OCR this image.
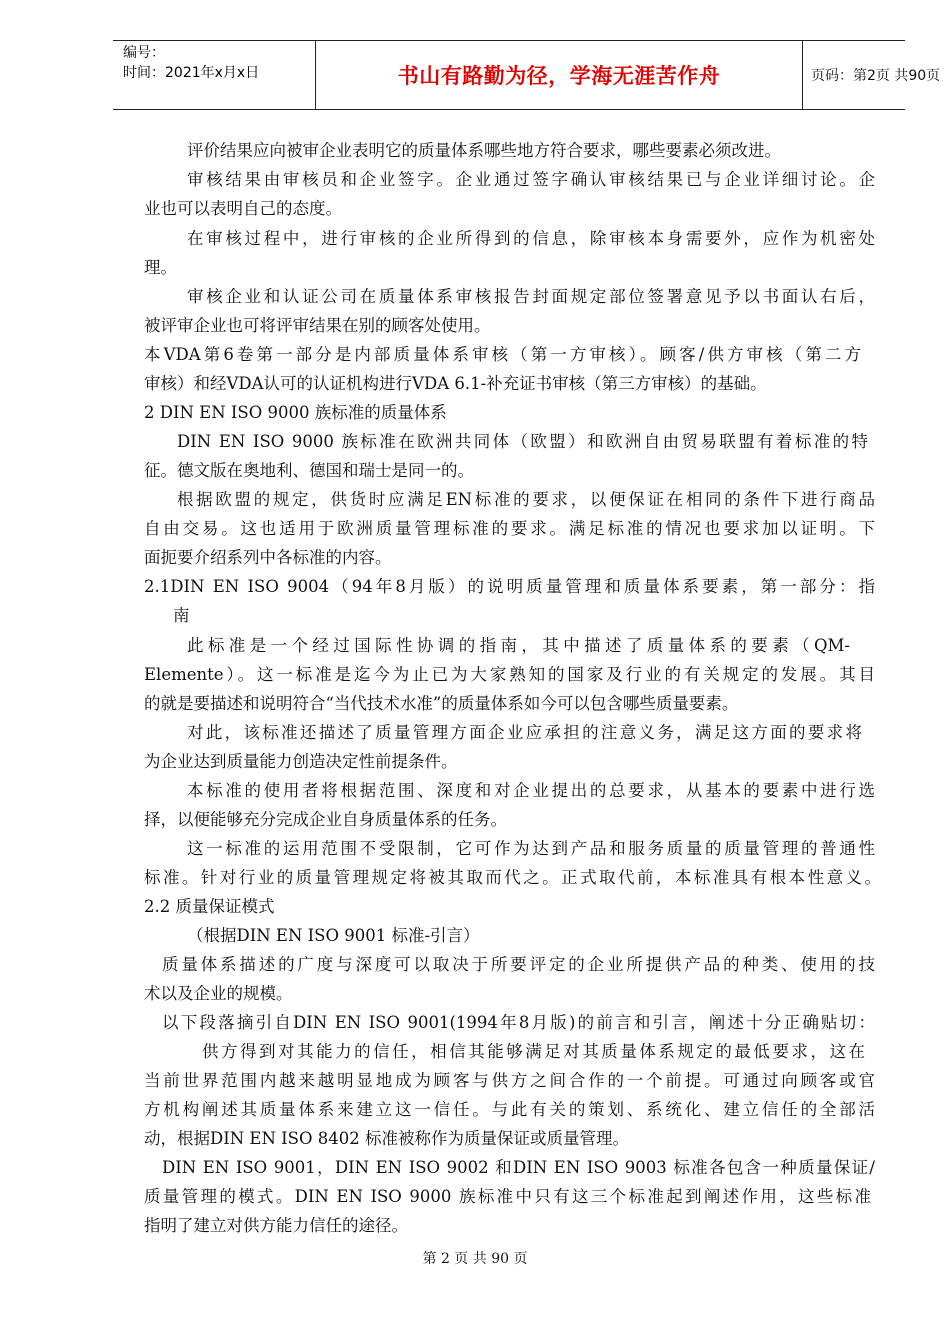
编号：
时间：2021年x月x日	书山有路勤为径，学海无涯苦作舟	页码：第2页 共90页
评价结果应向被审企业表明它的质量体系哪些地方符合要求，哪些要素必须改进。
审核结果由审核员和企业签字。企业通过签字确认审核结果已与企业详细讨论。企
业也可以表明自己的态度。
在审核过程中，进行审核的企业所得到的信息，除审核本身需要外，应作为机密处
理。
审核企业和认证公司在质量体系审核报告封面规定部位签署意见予以书面认右后，
被评审企业也可将评审结果在别的顾客处使用。
本VDA第6卷第一部分是内部质量体系审核（第一方审核）。顾客/供方审核（第二方
审核）和经VDA认可的认证机构进行VDA 6.1-补充证书审核（第三方审核）的基础。
2 DIN EN ISO 9000 族标准的质量体系
DIN EN ISO 9000 族标准在欧洲共同体（欧盟）和欧洲自由贸易联盟有着标准的特
征。德文版在奥地利、德国和瑞士是同一的。
根据欧盟的规定，供货时应满足EN标准的要求，以便保证在相同的条件下进行商品
自由交易。这也适用于欧洲质量管理标准的要求。满足标准的情况也要求加以证明。下
面扼要介绍系列中各标准的内容。
2.1DIN EN ISO 9004（94年8月版）的说明质量管理和质量体系要素，第一部分：指
南
此标准是一个经过国际性协调的指南，其中描述了质量体系的要素（QM-
Elemente）。这一标准是迄今为止已为大家熟知的国家及行业的有关规定的发展。其目
的就是要描述和说明符合“当代技术水准”的质量体系如今可以包含哪些质量要素。
对此，该标准还描述了质量管理方面企业应承担的注意义务，满足这方面的要求将
为企业达到质量能力创造决定性前提条件。
本标准的使用者将根据范围、深度和对企业提出的总要求，从基本的要素中进行选
择，以便能够充分完成企业自身质量体系的任务。
这一标准的运用范围不受限制，它可作为达到产品和服务质量的质量管理的普通性
标准。针对行业的质量管理规定将被其取而代之。正式取代前，本标准具有根本性意义。
2.2 质量保证模式
（根据DIN EN ISO 9001 标准-引言）
质量体系描述的广度与深度可以取决于所要评定的企业所提供产品的种类、使用的技
术以及企业的规模。
以下段落摘引自DIN EN ISO 9001(1994年8月版)的前言和引言，阐述十分正确贴切：
供方得到对其能力的信任，相信其能够满足对其质量体系规定的最低要求，这在
当前世界范围内越来越明显地成为顾客与供方之间合作的一个前提。可通过向顾客或官
方机构阐述其质量体系来建立这一信任。与此有关的策划、系统化、建立信任的全部活
动，根据DIN EN ISO 8402 标准被称作为质量保证或质量管理。
DIN EN ISO 9001，DIN EN ISO 9002 和DIN EN ISO 9003 标准各包含一种质量保证/
质量管理的模式。DIN EN ISO 9000 族标准中只有这三个标准起到阐述作用，这些标准
指明了建立对供方能力信任的途径。
第 2 页 共 90 页
